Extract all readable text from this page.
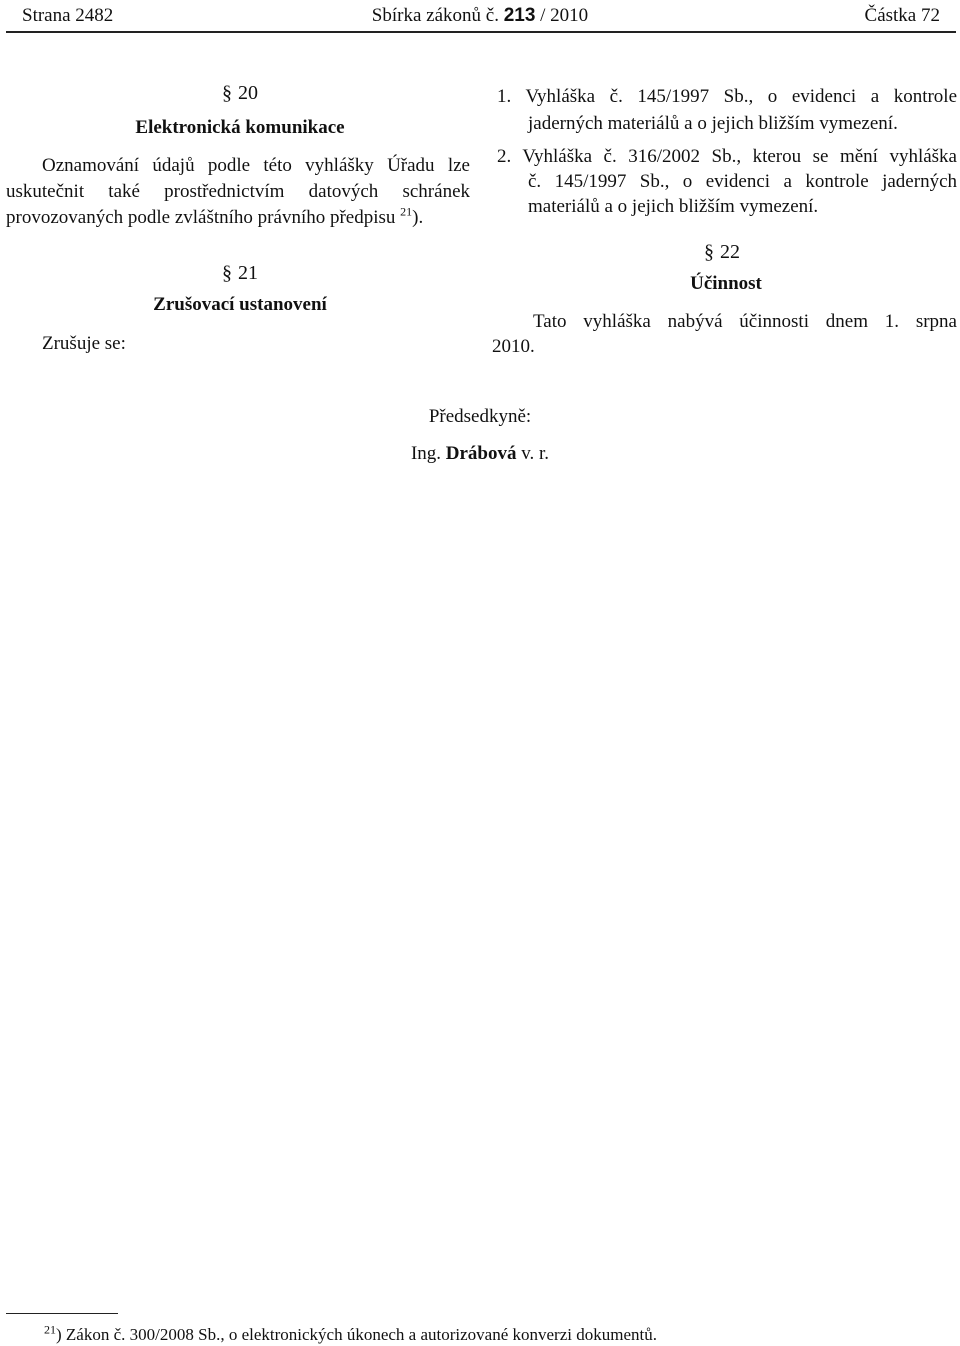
Strana 2482	Sbírka zákonů č. 213 / 2010	Částka 72
§ 20
Elektronická komunikace
Oznamování údajů podle této vyhlášky Úřadu lze
uskutečnit také prostřednictvím datových schránek
provozovaných podle zvláštního právního předpisu $^{21}$).
§ 21
Zrušovací ustanovení
Zrušuje se:
1. Vyhláška č. 145/1997 Sb., o evidenci a kontrole
jaderných materiálů a o jejich bližším vymezení.
2. Vyhláška č. 316/2002 Sb., kterou se mění vyhláška
č. 145/1997 Sb., o evidenci a kontrole jaderných
materiálů a o jejich bližším vymezení.
§ 22
Účinnost
Tato vyhláška nabývá účinnosti dnem 1. srpna
2010.
Předsedkyně:
Ing. Drábová v. r.
$^{21}$) Zákon č. 300/2008 Sb., o elektronických úkonech a autorizované konverzi dokumentů.
